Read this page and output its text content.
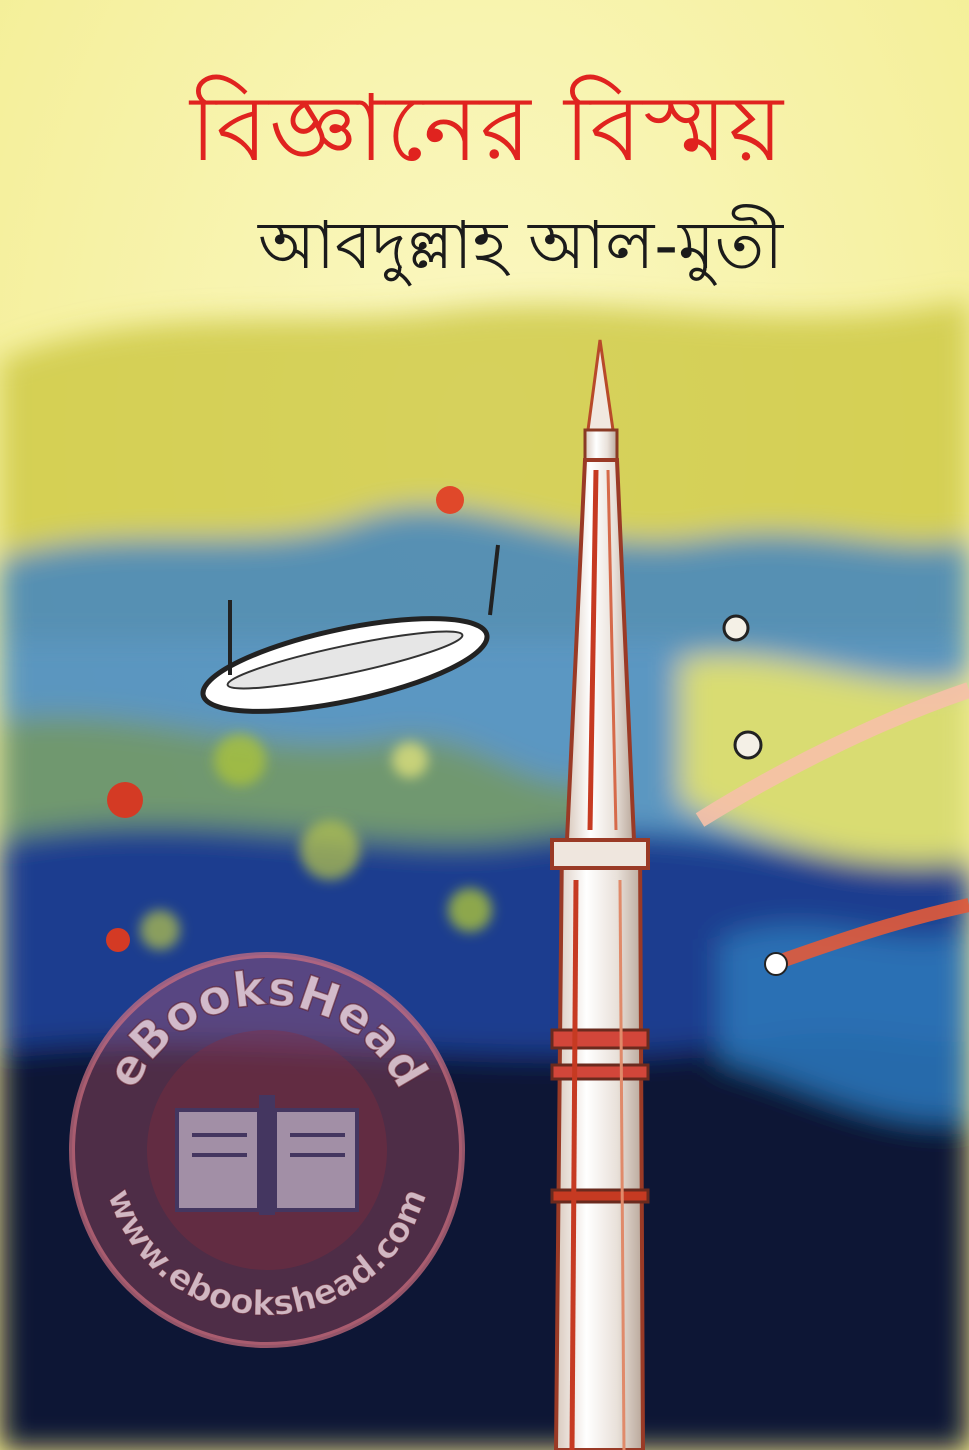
বিজ্ঞানের বিস্ময়
আবদুল্লাহ আল-মুতী
eBooksHead
www.ebookshead.com
